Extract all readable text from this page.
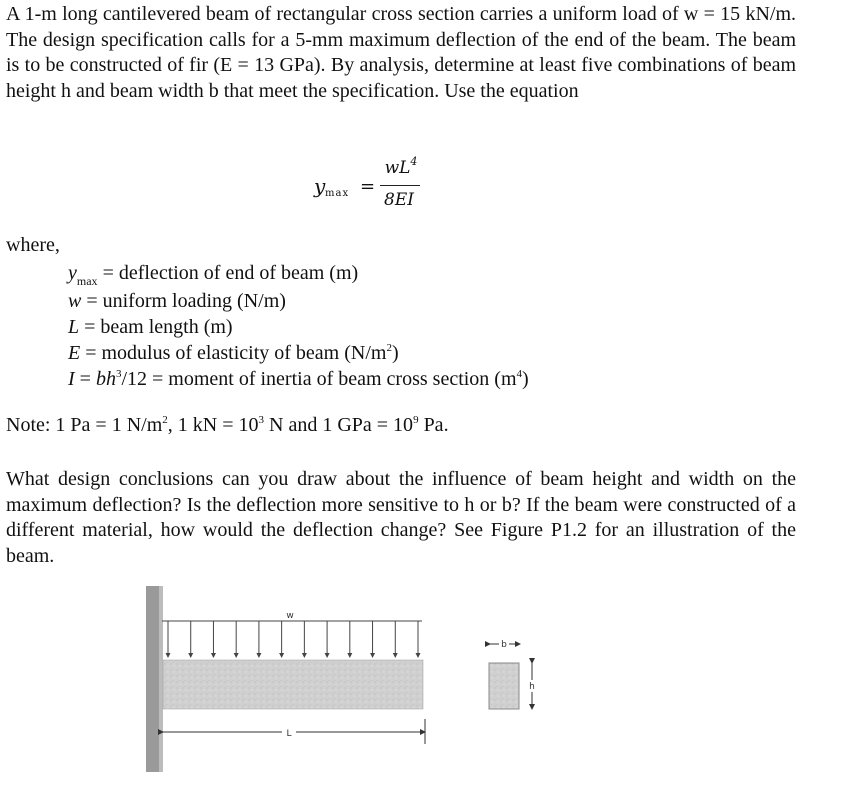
A 1-m long cantilevered beam of rectangular cross section carries a uniform load of w = 15 kN/m. The design specification calls for a 5-mm maximum deflection of the end of the beam. The beam is to be constructed of fir (E = 13 GPa). By analysis, determine at least five combinations of beam height h and beam width b that meet the specification. Use the equation
y max =
$wL^4$
8EI
where,
$y_{max}$ = deflection of end of beam (m)
w = uniform loading (N/m)
L = beam length (m)
E = modulus of elasticity of beam $(N/m^2)$
$I = bh^3/12$ = moment of inertia of beam cross section $(m^4)$
Note: 1 Pa = 1 $N/m^2$, 1 kN = $10^3$ N and 1 GPa = $10^9$ Pa.
What design conclusions can you draw about the influence of beam height and width on the maximum deflection? Is the deflection more sensitive to h or b? If the beam were constructed of a different material, how would the deflection change? See Figure P1.2 for an illustration of the beam.
w
L
b
h
